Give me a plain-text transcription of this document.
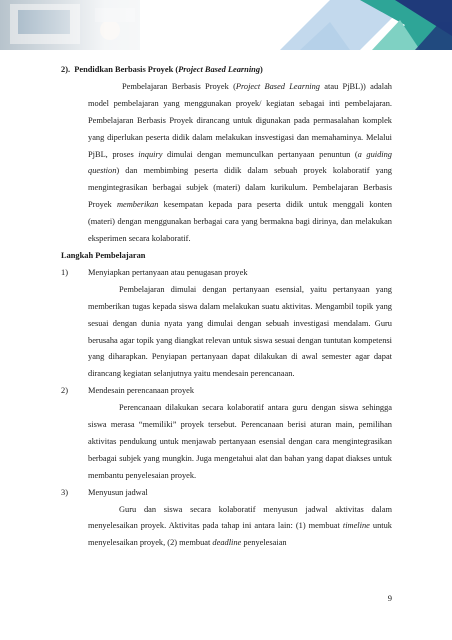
2). Pendidkan Berbasis Proyek (Project Based Learning)

Pembelajaran Berbasis Proyek (Project Based Learning atau PjBL)) adalah model pembelajaran yang menggunakan proyek/ kegiatan sebagai inti pembelajaran. Pembelajaran Berbasis Proyek dirancang untuk digunakan pada permasalahan komplek yang diperlukan peserta didik dalam melakukan insvestigasi dan memahaminya. Melalui PjBL, proses inquiry dimulai dengan memunculkan pertanyaan penuntun (a guiding question) dan membimbing peserta didik dalam sebuah proyek kolaboratif yang mengintegrasikan berbagai subjek (materi) dalam kurikulum. Pembelajaran Berbasis Proyek memberikan kesempatan kepada para peserta didik untuk menggali konten (materi) dengan menggunakan berbagai cara yang bermakna bagi dirinya, dan melakukan eksperimen secara kolaboratif.

Langkah Pembelajaran

1) Menyiapkan pertanyaan atau penugasan proyek

Pembelajaran dimulai dengan pertanyaan esensial, yaitu pertanyaan yang memberikan tugas kepada siswa dalam melakukan suatu aktivitas. Mengambil topik yang sesuai dengan dunia nyata yang dimulai dengan sebuah investigasi mendalam. Guru berusaha agar topik yang diangkat relevan untuk siswa sesuai dengan tuntutan kompetensi yang diharapkan. Penyiapan pertanyaan dapat dilakukan di awal semester agar dapat dirancang kegiatan selanjutnya yaitu mendesain perencanaan.

2) Mendesain perencanaan proyek

Perencanaan dilakukan secara kolaboratif antara guru dengan siswa sehingga siswa merasa “memiliki” proyek tersebut. Perencanaan berisi aturan main, pemilihan aktivitas pendukung untuk menjawab pertanyaan esensial dengan cara mengintegrasikan berbagai subjek yang mungkin. Juga mengetahui alat dan bahan yang dapat diakses untuk membantu penyelesaian proyek.

3) Menyusun jadwal

Guru dan siswa secara kolaboratif menyusun jadwal aktivitas dalam menyelesaikan proyek. Aktivitas pada tahap ini antara lain: (1) membuat timeline untuk menyelesaikan proyek, (2) membuat deadline penyelesaian

9
